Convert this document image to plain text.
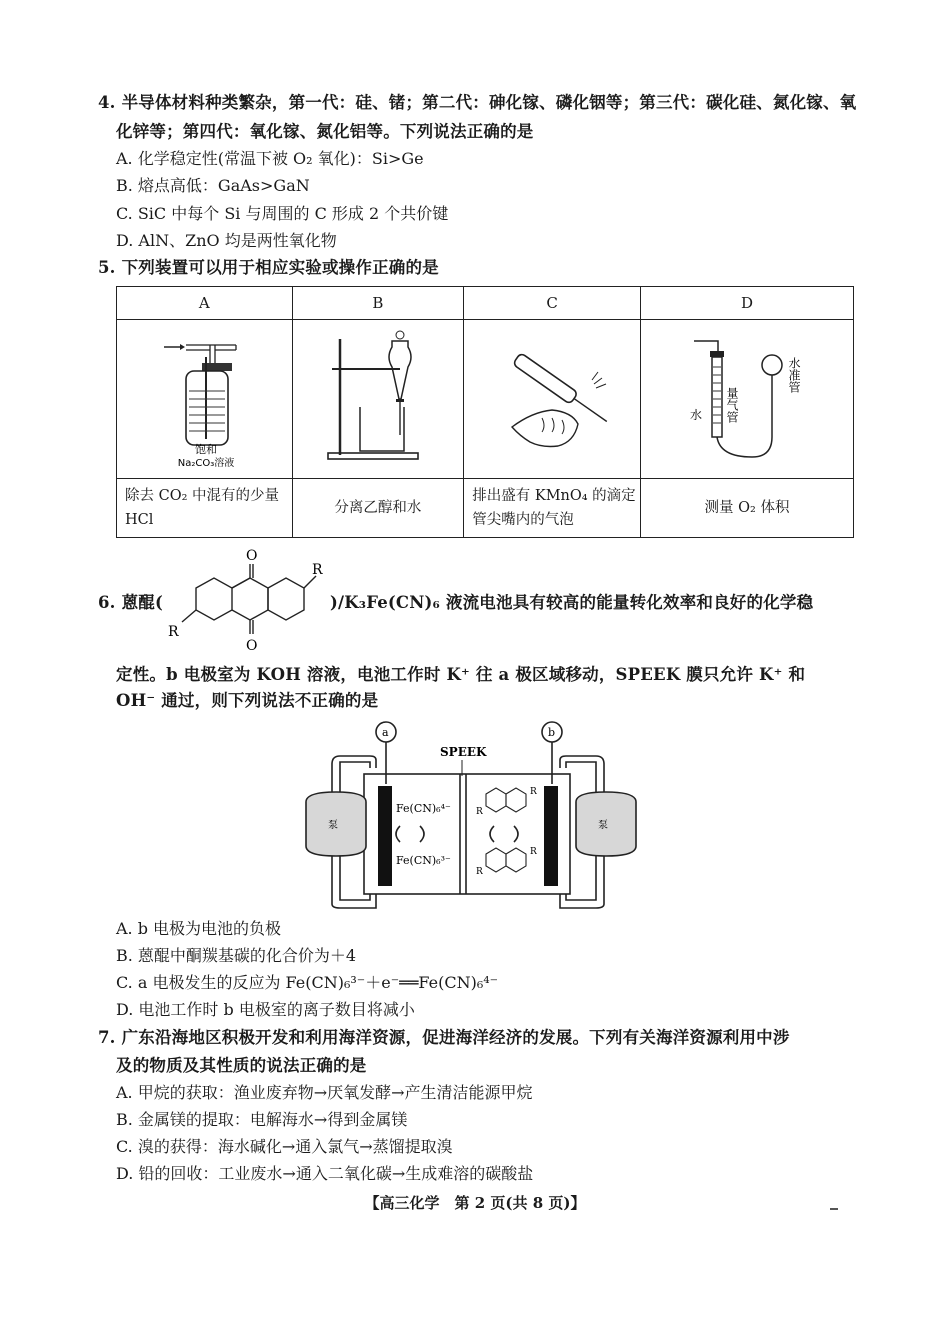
4. 半导体材料种类繁杂，第一代：硅、锗；第二代：砷化镓、磷化铟等；第三代：碳化硅、氮化镓、氧
化锌等；第四代：氧化镓、氮化铝等。下列说法正确的是
A. 化学稳定性(常温下被 O₂ 氧化)：Si>Ge
B. 熔点高低：GaAs>GaN
C. SiC 中每个 Si 与周围的 C 形成 2 个共价键
D. AlN、ZnO 均是两性氧化物
5. 下列装置可以用于相应实验或操作正确的是
A	B	C	D

饱和
Na₂CO₃溶液			量气管
水准管
水

除去 CO₂ 中混有的少量 HCl	分离乙醇和水	排出盛有 KMnO₄ 的滴定管尖嘴内的气泡	测量 O₂ 体积
6. 蒽醌(
O
O
R
R
)/K₃Fe(CN)₆ 液流电池具有较高的能量转化效率和良好的化学稳
定性。b 电极室为 KOH 溶液，电池工作时 K⁺ 往 a 极区域移动，SPEEK 膜只允许 K⁺ 和
OH⁻ 通过，则下列说法不正确的是
a	b
SPEEK
Fe(CN)₆⁴⁻
Fe(CN)₆³⁻
泵	泵
R
R
R
R
A. b 电极为电池的负极
B. 蒽醌中酮羰基碳的化合价为＋4
C. a 电极发生的反应为 Fe(CN)₆³⁻＋e⁻══Fe(CN)₆⁴⁻
D. 电池工作时 b 电极室的离子数目将减小
7. 广东沿海地区积极开发和利用海洋资源，促进海洋经济的发展。下列有关海洋资源利用中涉
及的物质及其性质的说法正确的是
A. 甲烷的获取：渔业废弃物→厌氧发酵→产生清洁能源甲烷
B. 金属镁的提取：电解海水→得到金属镁
C. 溴的获得：海水碱化→通入氯气→蒸馏提取溴
D. 铅的回收：工业废水→通入二氧化碳→生成难溶的碳酸盐
【高三化学　第 2 页(共 8 页)】
